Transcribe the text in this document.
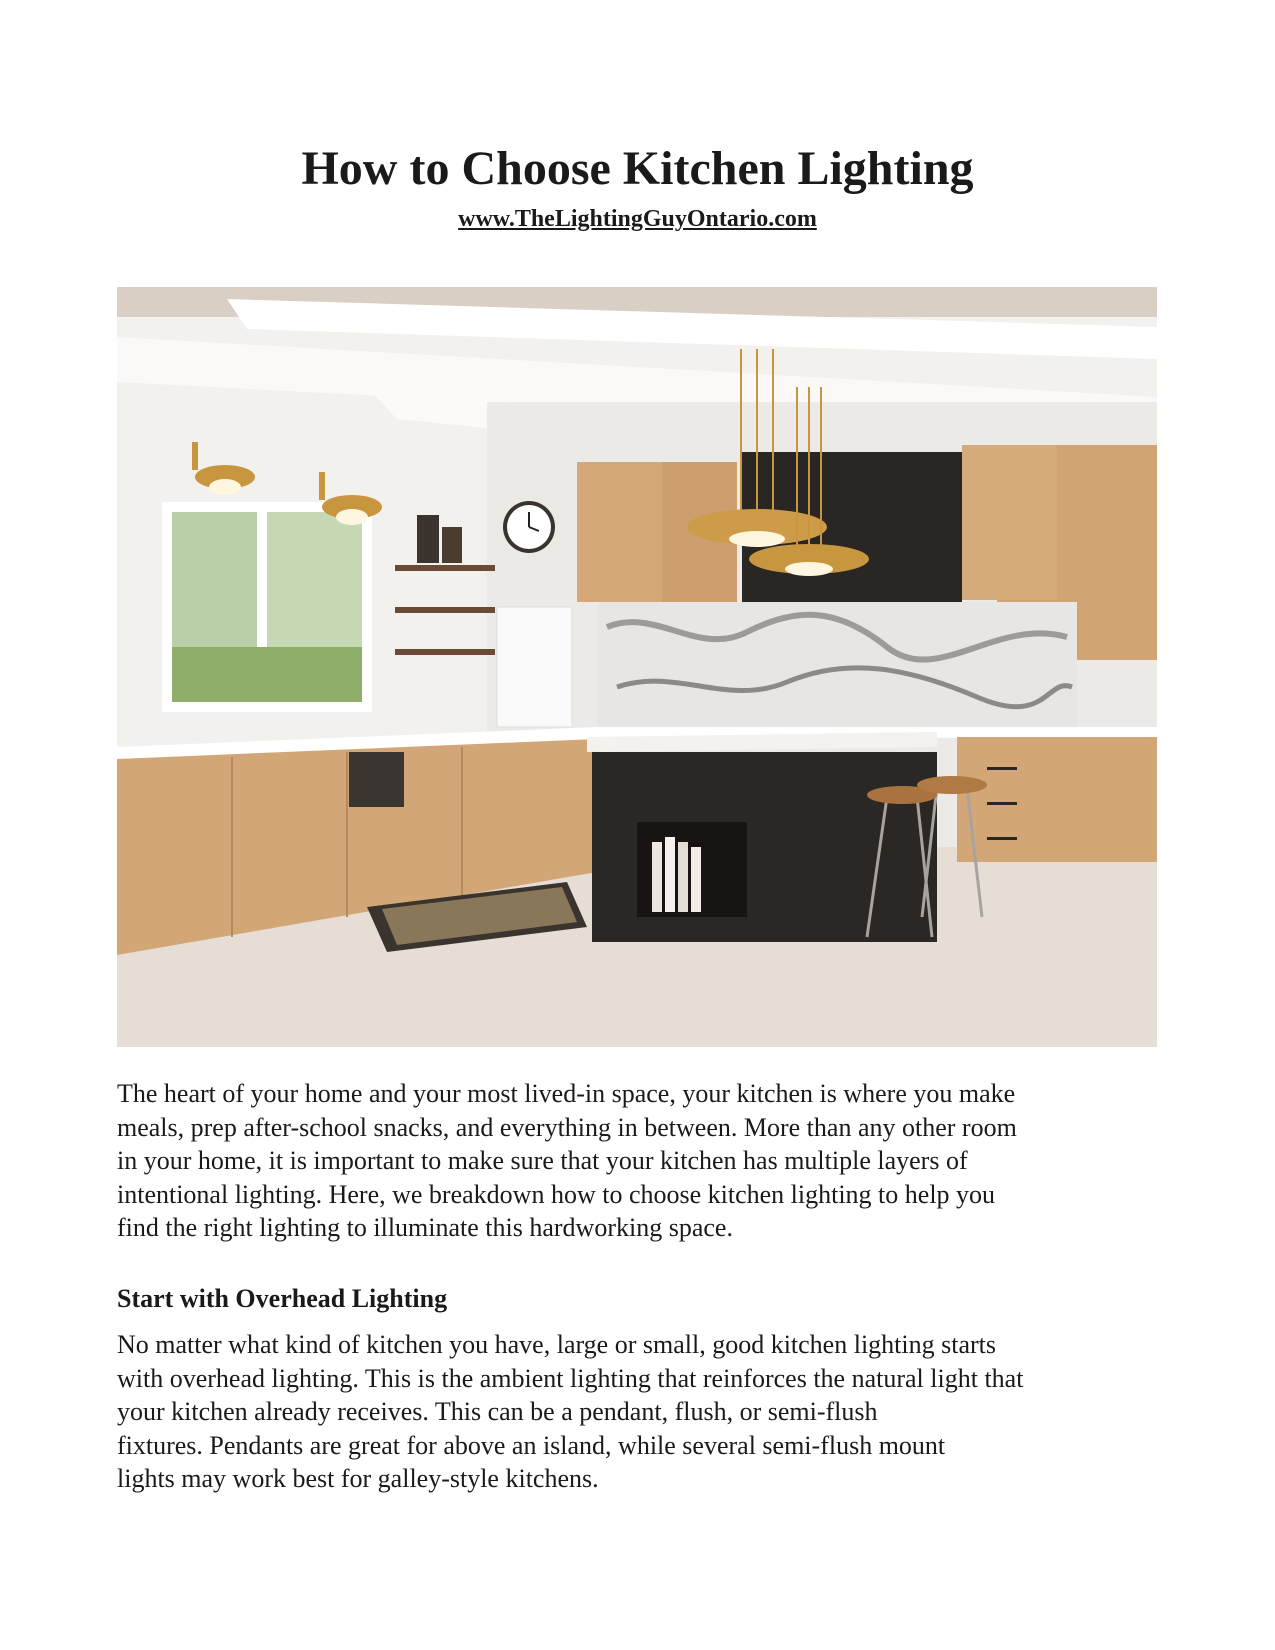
How to Choose Kitchen Lighting
www.TheLightingGuyOntario.com

The heart of your home and your most lived-in space, your kitchen is where you make
meals, prep after-school snacks, and everything in between. More than any other room
in your home, it is important to make sure that your kitchen has multiple layers of
intentional lighting. Here, we breakdown how to choose kitchen lighting to help you
find the right lighting to illuminate this hardworking space.

Start with Overhead Lighting

No matter what kind of kitchen you have, large or small, good kitchen lighting starts
with overhead lighting. This is the ambient lighting that reinforces the natural light that
your kitchen already receives. This can be a pendant, flush, or semi-flush
fixtures. Pendants are great for above an island, while several semi-flush mount
lights may work best for galley-style kitchens.
